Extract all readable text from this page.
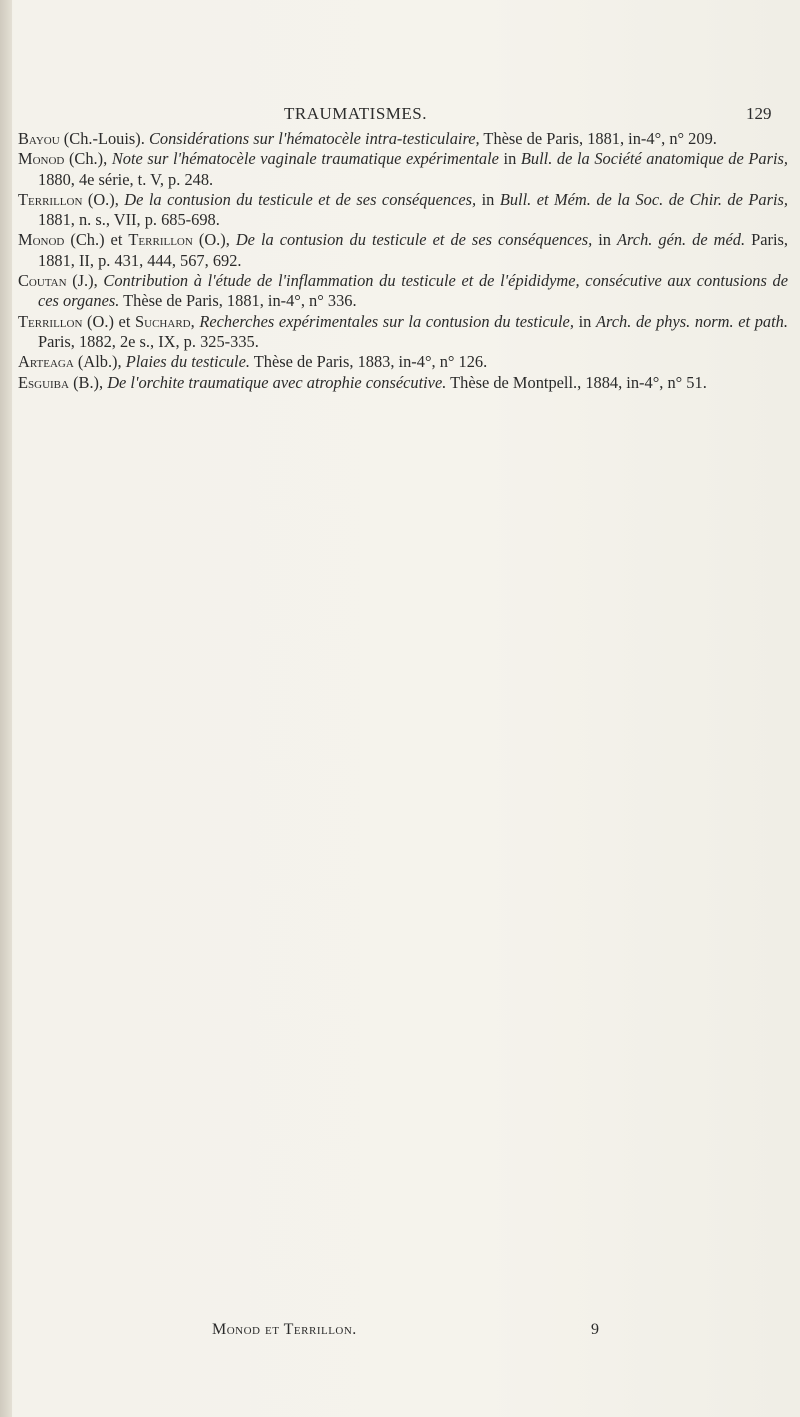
TRAUMATISMES.	129

Bayou (Ch.-Louis). Considérations sur l'hématocèle intra-testiculaire, Thèse de Paris, 1881, in-4°, n° 209.

Monod (Ch.), Note sur l'hématocèle vaginale traumatique expérimentale in Bull. de la Société anatomique de Paris, 1880, 4e série, t. V, p. 248.

Terrillon (O.), De la contusion du testicule et de ses conséquences, in Bull. et Mém. de la Soc. de Chir. de Paris, 1881, n. s., VII, p. 685-698.

Monod (Ch.) et Terrillon (O.), De la contusion du testicule et de ses conséquences, in Arch. gén. de méd. Paris, 1881, II, p. 431, 444, 567, 692.

Coutan (J.), Contribution à l'étude de l'inflammation du testicule et de l'épididyme, consécutive aux contusions de ces organes. Thèse de Paris, 1881, in-4°, n° 336.

Terrillon (O.) et Suchard, Recherches expérimentales sur la contusion du testicule, in Arch. de phys. norm. et path. Paris, 1882, 2e s., IX, p. 325-335.

Arteaga (Alb.), Plaies du testicule. Thèse de Paris, 1883, in-4°, n° 126.

Esguiba (B.), De l'orchite traumatique avec atrophie consécutive. Thèse de Montpell., 1884, in-4°, n° 51.

Monod et Terrillon.	9
